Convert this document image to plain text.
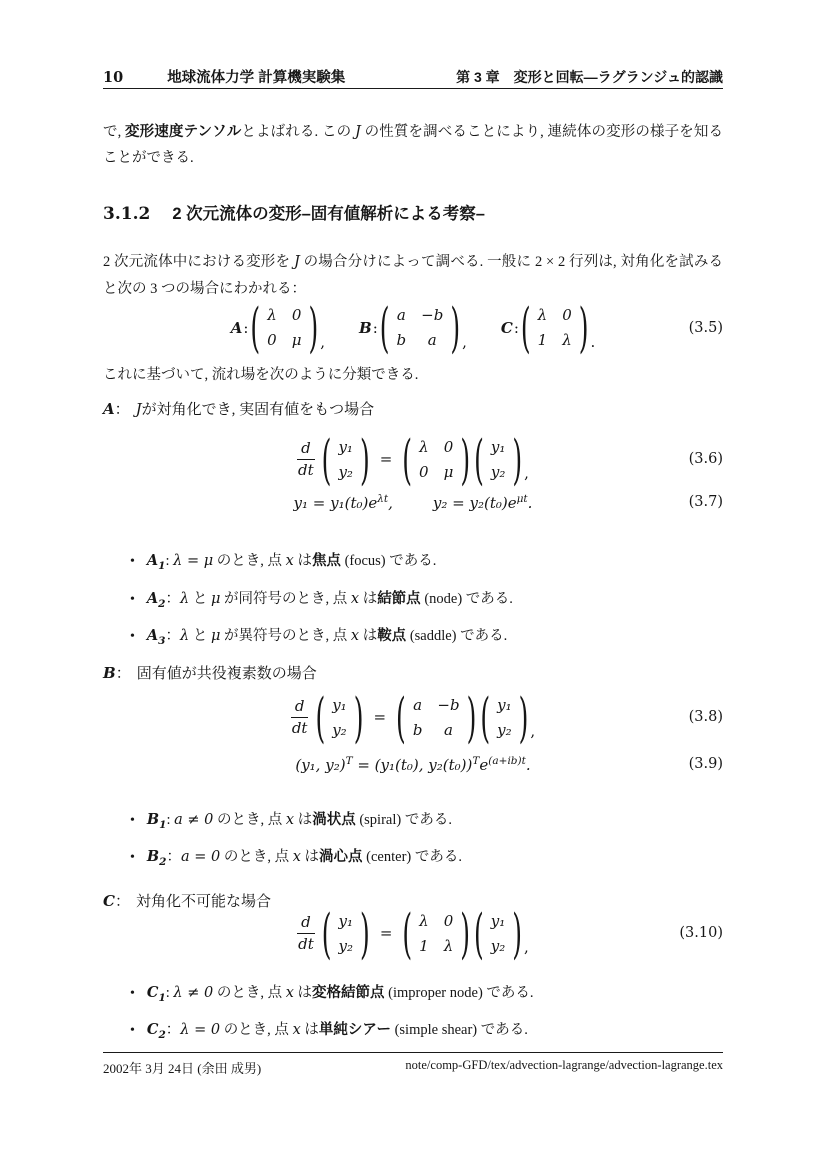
10	地球流体力学 計算機実験集	第 3 章　変形と回転—ラグランジュ的認識
で, 変形速度テンソルとよばれる. この J の性質を調べることにより, 連続体の変形の様子を知ることができる.
3.1.2 2 次元流体の変形–固有値解析による考察–
2 次元流体中における変形を J の場合分けによって調べる. 一般に 2 × 2 行列は, 対角化を試みると次の 3 つの場合にわかれる：
A : ( λ 0
0 μ ) ,
B : ( a −b
b a ) ,
C : ( λ 0
1 λ ) .
(3.5)
これに基づいて, 流れ場を次のように分類できる.
A： Jが対角化でき, 実固有値をもつ場合
$\frac{d}{dt}$ ( y₁
y₂ ) = ( λ 0
0 μ ) ( y₁
y₂ ) ,
(3.6)
$y_1 = y_1(t_0)e^{\lambda t}$,	$y_2 = y_2(t_0)e^{\mu t}$.	(3.7)
• $A_1$: λ = μ のとき, 点 x は焦点 (focus) である.
• $A_2$：λ と μ が同符号のとき, 点 x は結節点 (node) である.
• $A_3$：λ と μ が異符号のとき, 点 x は鞍点 (saddle) である.
B： 固有値が共役複素数の場合
$\frac{d}{dt}$ ( y₁
y₂ ) = ( a −b
b a ) ( y₁
y₂ ) ,
(3.8)
(y₁, y₂)$^T$ = (y₁(t₀), $y_2(t_0))^Te^{(a+ib)t}$.	(3.9)
• $B_1$: a ≠ 0 のとき, 点 x は渦状点 (spiral) である.
• $B_2$：a = 0 のとき, 点 x は渦心点 (center) である.
C： 対角化不可能な場合
$\frac{d}{dt}$ ( y₁
y₂ ) = ( λ 0
1 λ ) ( y₁
y₂ ) ,
(3.10)
• $C_1$: λ ≠ 0 のとき, 点 x は変格結節点 (improper node) である.
• $C_2$：λ = 0 のとき, 点 x は単純シアー (simple shear) である.
2002年 3月 24日 (余田 成男)	note/comp-GFD/tex/advection-lagrange/advection-lagrange.tex
